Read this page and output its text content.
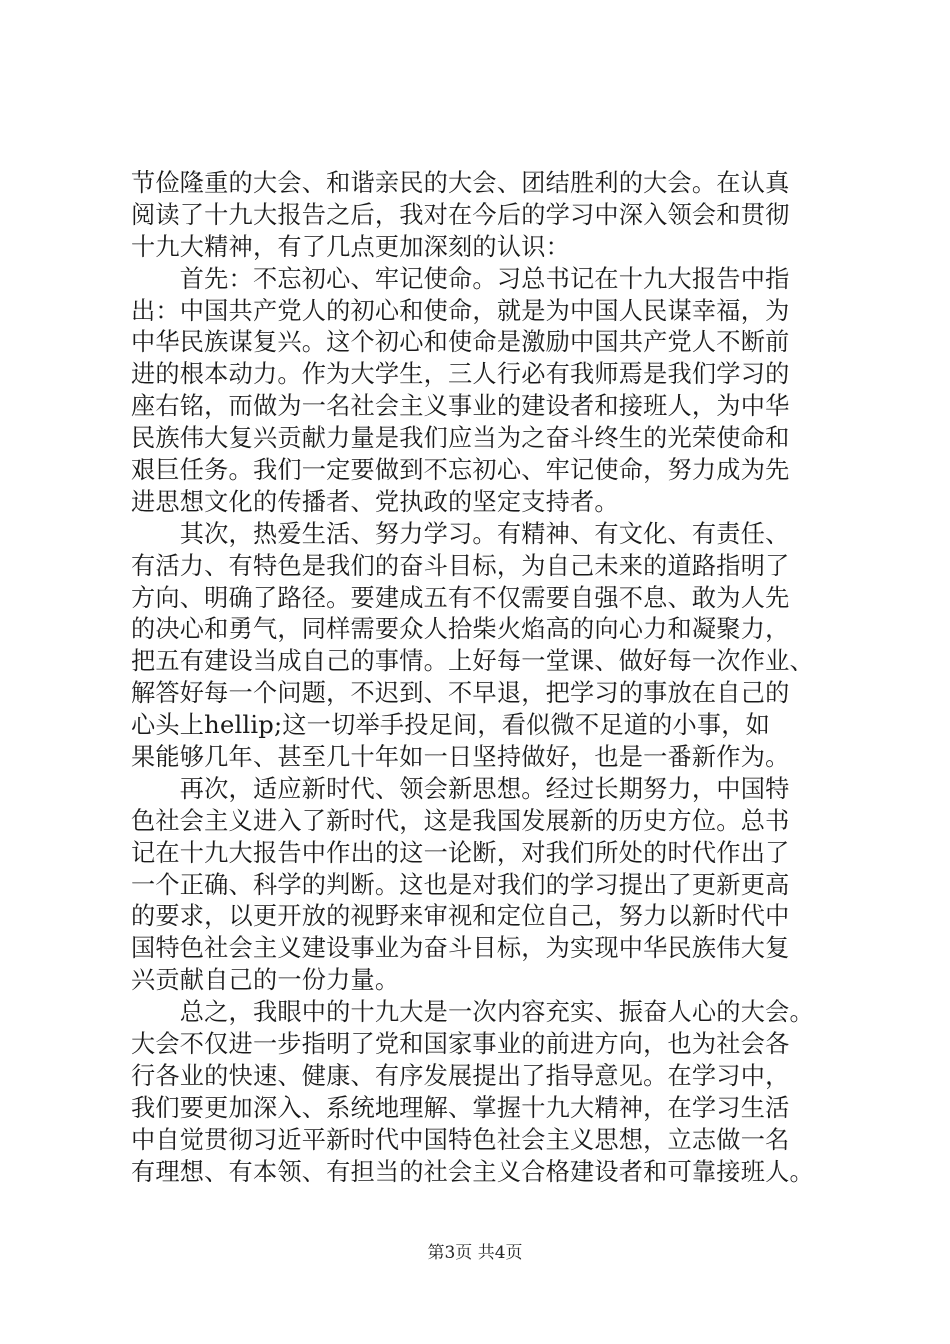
节俭隆重的大会、和谐亲民的大会、团结胜利的大会。在认真
阅读了十九大报告之后，我对在今后的学习中深入领会和贯彻
十九大精神，有了几点更加深刻的认识：
　　首先：不忘初心、牢记使命。习总书记在十九大报告中指
出：中国共产党人的初心和使命，就是为中国人民谋幸福，为
中华民族谋复兴。这个初心和使命是激励中国共产党人不断前
进的根本动力。作为大学生，三人行必有我师焉是我们学习的
座右铭，而做为一名社会主义事业的建设者和接班人，为中华
民族伟大复兴贡献力量是我们应当为之奋斗终生的光荣使命和
艰巨任务。我们一定要做到不忘初心、牢记使命，努力成为先
进思想文化的传播者、党执政的坚定支持者。
　　其次，热爱生活、努力学习。有精神、有文化、有责任、
有活力、有特色是我们的奋斗目标，为自己未来的道路指明了
方向、明确了路径。要建成五有不仅需要自强不息、敢为人先
的决心和勇气，同样需要众人拾柴火焰高的向心力和凝聚力，
把五有建设当成自己的事情。上好每一堂课、做好每一次作业、
解答好每一个问题，不迟到、不早退，把学习的事放在自己的
心头上hellip;这一切举手投足间，看似微不足道的小事，如
果能够几年、甚至几十年如一日坚持做好，也是一番新作为。
　　再次，适应新时代、领会新思想。经过长期努力，中国特
色社会主义进入了新时代，这是我国发展新的历史方位。总书
记在十九大报告中作出的这一论断，对我们所处的时代作出了
一个正确、科学的判断。这也是对我们的学习提出了更新更高
的要求，以更开放的视野来审视和定位自己，努力以新时代中
国特色社会主义建设事业为奋斗目标，为实现中华民族伟大复
兴贡献自己的一份力量。
　　总之，我眼中的十九大是一次内容充实、振奋人心的大会。
大会不仅进一步指明了党和国家事业的前进方向，也为社会各
行各业的快速、健康、有序发展提出了指导意见。在学习中，
我们要更加深入、系统地理解、掌握十九大精神，在学习生活
中自觉贯彻习近平新时代中国特色社会主义思想，立志做一名
有理想、有本领、有担当的社会主义合格建设者和可靠接班人。
第3页 共4页
